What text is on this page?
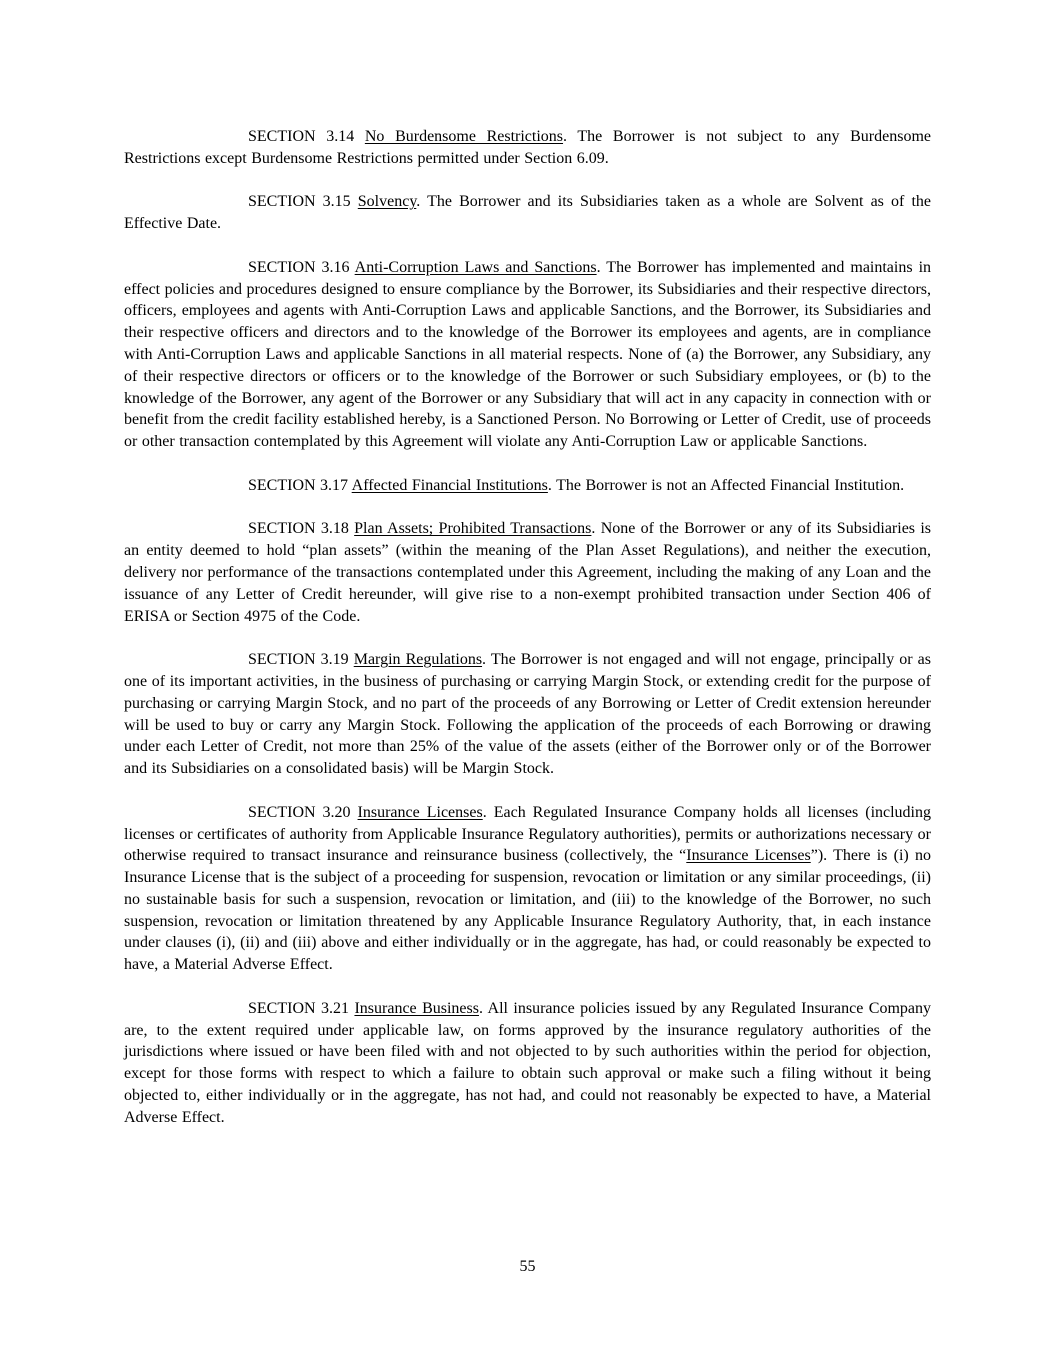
SECTION 3.14 No Burdensome Restrictions. The Borrower is not subject to any Burdensome Restrictions except Burdensome Restrictions permitted under Section 6.09.

SECTION 3.15 Solvency. The Borrower and its Subsidiaries taken as a whole are Solvent as of the Effective Date.

SECTION 3.16 Anti-Corruption Laws and Sanctions. The Borrower has implemented and maintains in effect policies and procedures designed to ensure compliance by the Borrower, its Subsidiaries and their respective directors, officers, employees and agents with Anti-Corruption Laws and applicable Sanctions, and the Borrower, its Subsidiaries and their respective officers and directors and to the knowledge of the Borrower its employees and agents, are in compliance with Anti-Corruption Laws and applicable Sanctions in all material respects. None of (a) the Borrower, any Subsidiary, any of their respective directors or officers or to the knowledge of the Borrower or such Subsidiary employees, or (b) to the knowledge of the Borrower, any agent of the Borrower or any Subsidiary that will act in any capacity in connection with or benefit from the credit facility established hereby, is a Sanctioned Person. No Borrowing or Letter of Credit, use of proceeds or other transaction contemplated by this Agreement will violate any Anti-Corruption Law or applicable Sanctions.

SECTION 3.17 Affected Financial Institutions. The Borrower is not an Affected Financial Institution.

SECTION 3.18 Plan Assets; Prohibited Transactions. None of the Borrower or any of its Subsidiaries is an entity deemed to hold “plan assets” (within the meaning of the Plan Asset Regulations), and neither the execution, delivery nor performance of the transactions contemplated under this Agreement, including the making of any Loan and the issuance of any Letter of Credit hereunder, will give rise to a non-exempt prohibited transaction under Section 406 of ERISA or Section 4975 of the Code.

SECTION 3.19 Margin Regulations. The Borrower is not engaged and will not engage, principally or as one of its important activities, in the business of purchasing or carrying Margin Stock, or extending credit for the purpose of purchasing or carrying Margin Stock, and no part of the proceeds of any Borrowing or Letter of Credit extension hereunder will be used to buy or carry any Margin Stock. Following the application of the proceeds of each Borrowing or drawing under each Letter of Credit, not more than 25% of the value of the assets (either of the Borrower only or of the Borrower and its Subsidiaries on a consolidated basis) will be Margin Stock.

SECTION 3.20 Insurance Licenses. Each Regulated Insurance Company holds all licenses (including licenses or certificates of authority from Applicable Insurance Regulatory authorities), permits or authorizations necessary or otherwise required to transact insurance and reinsurance business (collectively, the “Insurance Licenses”). There is (i) no Insurance License that is the subject of a proceeding for suspension, revocation or limitation or any similar proceedings, (ii) no sustainable basis for such a suspension, revocation or limitation, and (iii) to the knowledge of the Borrower, no such suspension, revocation or limitation threatened by any Applicable Insurance Regulatory Authority, that, in each instance under clauses (i), (ii) and (iii) above and either individually or in the aggregate, has had, or could reasonably be expected to have, a Material Adverse Effect.

SECTION 3.21 Insurance Business. All insurance policies issued by any Regulated Insurance Company are, to the extent required under applicable law, on forms approved by the insurance regulatory authorities of the jurisdictions where issued or have been filed with and not objected to by such authorities within the period for objection, except for those forms with respect to which a failure to obtain such approval or make such a filing without it being objected to, either individually or in the aggregate, has not had, and could not reasonably be expected to have, a Material Adverse Effect.

55
